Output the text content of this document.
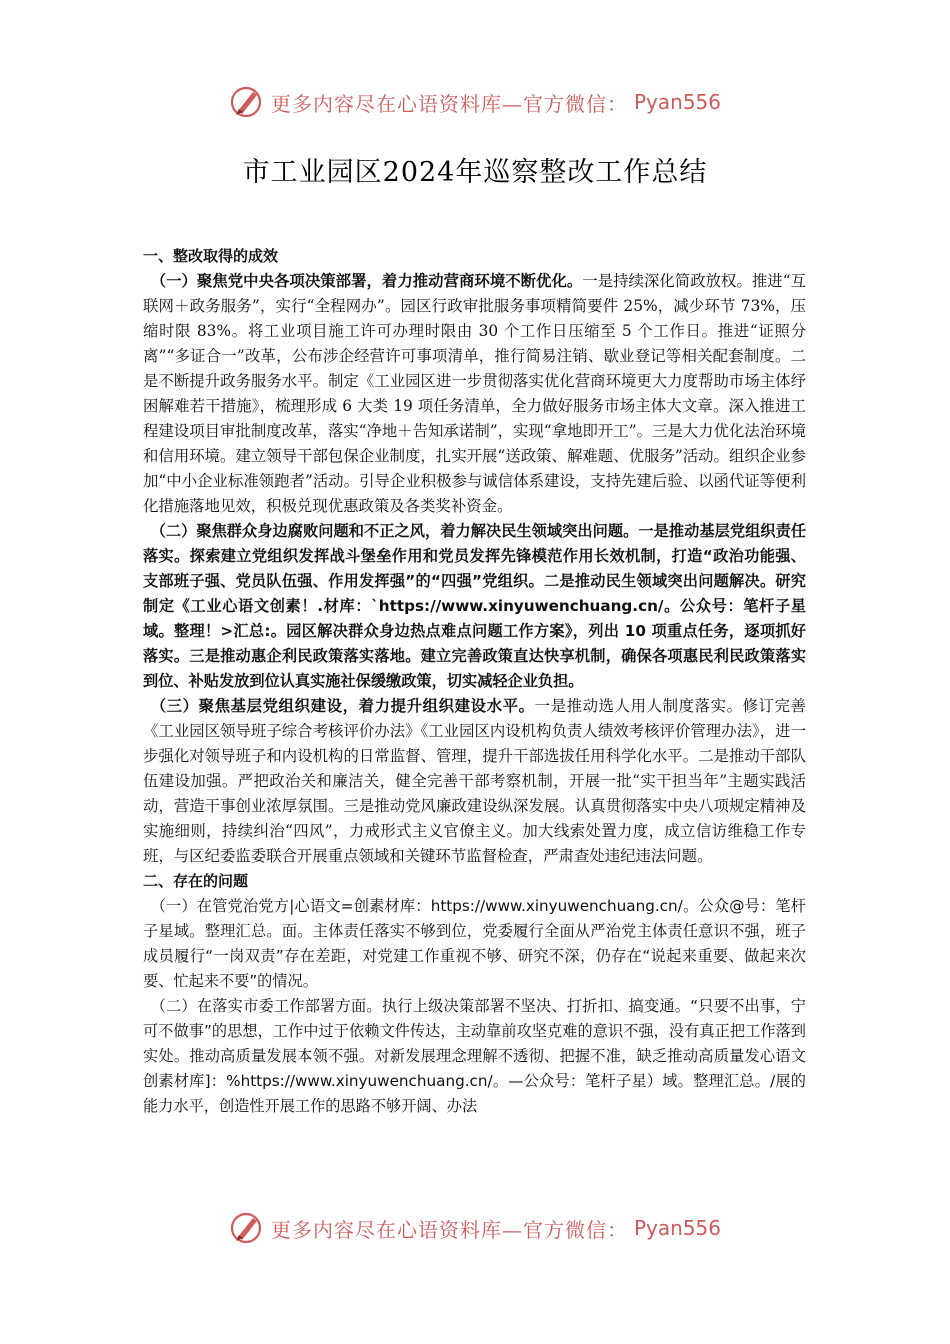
更多内容尽在心语资料库—官方微信： Pyan556
市工业园区2024年巡察整改工作总结

一、整改取得的成效

（一）聚焦党中央各项决策部署，着力推动营商环境不断优化。一是持续深化简政放权。推进“互联网＋政务服务”，实行“全程网办”。园区行政审批服务事项精简要件 25%，减少环节 73%，压缩时限 83%。将工业项目施工许可办理时限由 30 个工作日压缩至 5 个工作日。推进“证照分离”“多证合一”改革，公布涉企经营许可事项清单，推行简易注销、歇业登记等相关配套制度。二是不断提升政务服务水平。制定《工业园区进一步贯彻落实优化营商环境更大力度帮助市场主体纾困解难若干措施》，梳理形成 6 大类 19 项任务清单，全力做好服务市场主体大文章。深入推进工程建设项目审批制度改革，落实“净地＋告知承诺制”，实现“拿地即开工”。三是大力优化法治环境和信用环境。建立领导干部包保企业制度，扎实开展“送政策、解难题、优服务”活动。组织企业参加“中小企业标准领跑者”活动。引导企业积极参与诚信体系建设，支持先建后验、以函代证等便利化措施落地见效，积极兑现优惠政策及各类奖补资金。

（二）聚焦群众身边腐败问题和不正之风，着力解决民生领域突出问题。一是推动基层党组织责任落实。探索建立党组织发挥战斗堡垒作用和党员发挥先锋模范作用长效机制，打造“政治功能强、支部班子强、党员队伍强、作用发挥强”的“四强”党组织。二是推动民生领域突出问题解决。研究制定《工业心语文创素！.材库：`https://www.xinyuwenchuang.cn/。公众号：笔杆子星域。整理！>汇总:。园区解决群众身边热点难点问题工作方案》，列出 10 项重点任务，逐项抓好落实。三是推动惠企利民政策落实落地。建立完善政策直达快享机制，确保各项惠民利民政策落实到位、补贴发放到位认真实施社保缓缴政策，切实减轻企业负担。

（三）聚焦基层党组织建设，着力提升组织建设水平。一是推动选人用人制度落实。修订完善《工业园区领导班子综合考核评价办法》《工业园区内设机构负责人绩效考核评价管理办法》，进一步强化对领导班子和内设机构的日常监督、管理，提升干部选拔任用科学化水平。二是推动干部队伍建设加强。严把政治关和廉洁关，健全完善干部考察机制，开展一批“实干担当年”主题实践活动，营造干事创业浓厚氛围。三是推动党风廉政建设纵深发展。认真贯彻落实中央八项规定精神及实施细则，持续纠治“四风”，力戒形式主义官僚主义。加大线索处置力度，成立信访维稳工作专班，与区纪委监委联合开展重点领域和关键环节监督检查，严肃查处违纪违法问题。

二、存在的问题

（一）在管党治党方|心语文=创素材库：https://www.xinyuwenchuang.cn/。公众@号：笔杆子星域。整理汇总。面。主体责任落实不够到位，党委履行全面从严治党主体责任意识不强，班子成员履行“一岗双责”存在差距，对党建工作重视不够、研究不深，仍存在“说起来重要、做起来次要、忙起来不要”的情况。

（二）在落实市委工作部署方面。执行上级决策部署不坚决、打折扣、搞变通。“只要不出事，宁可不做事”的思想，工作中过于依赖文件传达，主动靠前攻坚克难的意识不强，没有真正把工作落到实处。推动高质量发展本领不强。对新发展理念理解不透彻、把握不准，缺乏推动高质量发心语文创素材库]：%https://www.xinyuwenchuang.cn/。—公众号：笔杆子星）域。整理汇总。/展的能力水平，创造性开展工作的思路不够开阔、办法

更多内容尽在心语资料库—官方微信： Pyan556
